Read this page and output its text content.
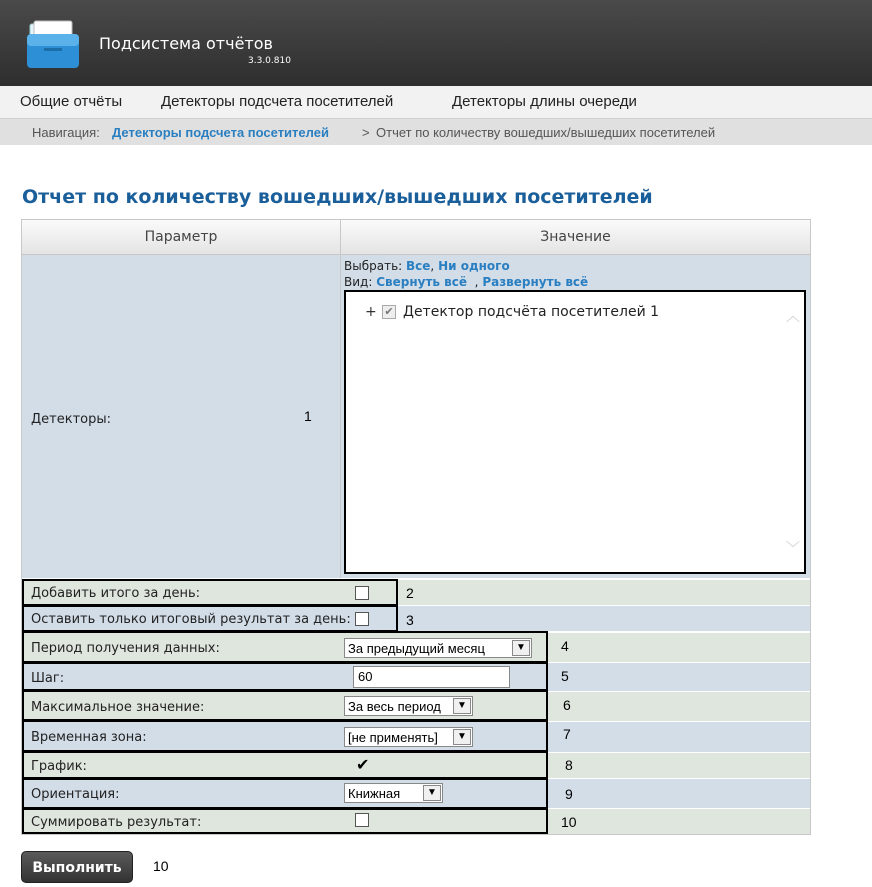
Подсистема отчётов
3.3.0.810
Общие отчёты	Детекторы подсчета посетителей	Детекторы длины очереди
Навигация: Детекторы подсчета посетителей	> Отчет по количеству вошедших/вышедших посетителей
Отчет по количеству вошедших/вышедших посетителей
Параметр	Значение
Детекторы:
Выбрать: Все, Ни одного
Вид: Свернуть всё , Развернуть всё
+ ✔ Детектор подсчёта посетителей 1	︿
﹀
Добавить итого за день:
Оставить только итоговый результат за день:
Период получения данных:	За предыдущий месяц	▼
Шаг:	60
Максимальное значение:	За весь период	▼
Временная зона:	[не применять]	▼
График:	✔
Ориентация:	Книжная	▼
Суммировать результат:
1
2
3
4
5
6
7
8
9
10
Выполнить	10
